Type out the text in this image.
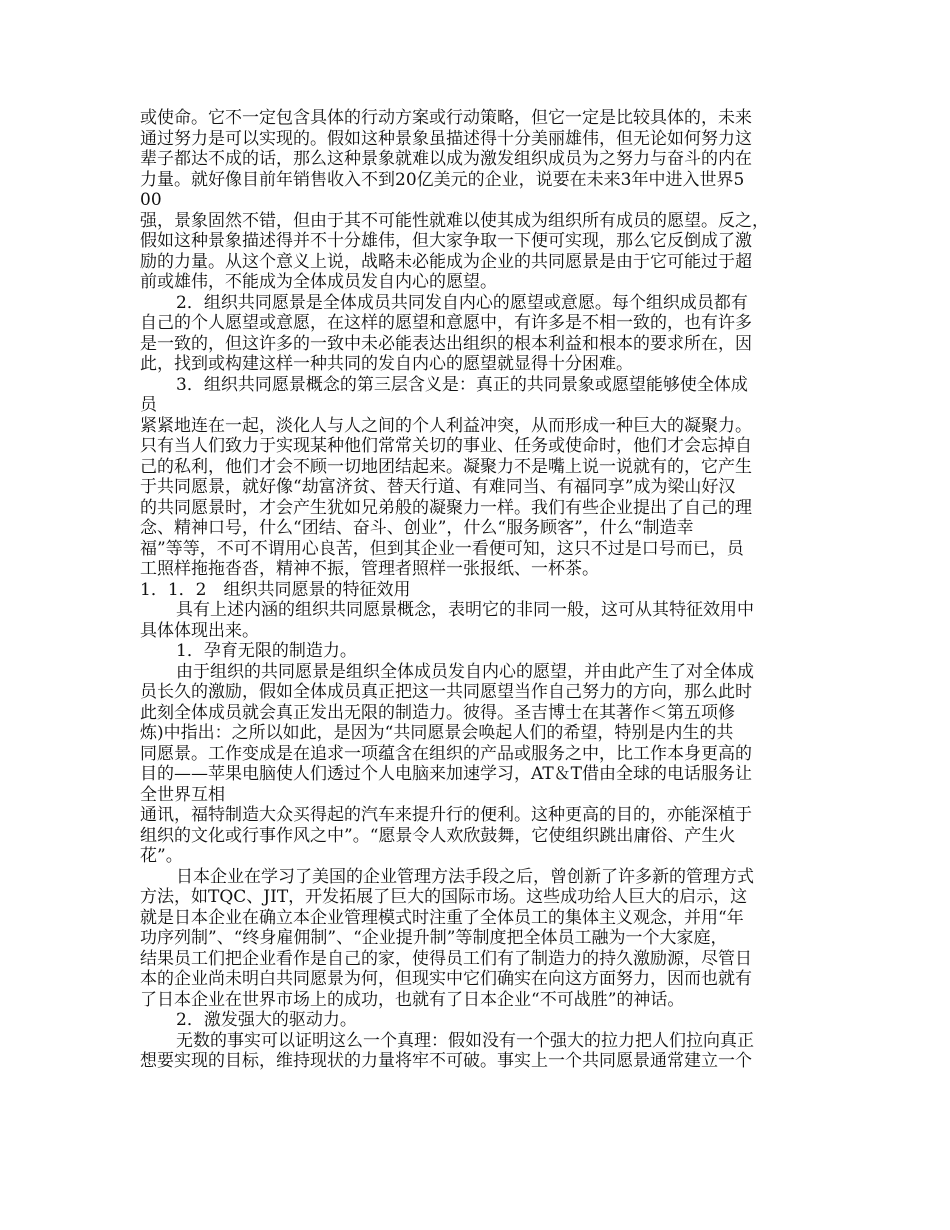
或使命。它不一定包含具体的行动方案或行动策略，但它一定是比较具体的，未来
通过努力是可以实现的。假如这种景象虽描述得十分美丽雄伟，但无论如何努力这
辈子都达不成的话，那么这种景象就难以成为激发组织成员为之努力与奋斗的内在
力量。就好像目前年销售收入不到20亿美元的企业，说要在未来3年中进入世界5
00
强，景象固然不错，但由于其不可能性就难以使其成为组织所有成员的愿望。反之，
假如这种景象描述得并不十分雄伟，但大家争取一下便可实现，那么它反倒成了激
励的力量。从这个意义上说，战略未必能成为企业的共同愿景是由于它可能过于超
前或雄伟，不能成为全体成员发自内心的愿望。
2．组织共同愿景是全体成员共同发自内心的愿望或意愿。每个组织成员都有
自己的个人愿望或意愿，在这样的愿望和意愿中，有许多是不相一致的，也有许多
是一致的，但这许多的一致中未必能表达出组织的根本利益和根本的要求所在，因
此，找到或构建这样一种共同的发自内心的愿望就显得十分困难。
3．组织共同愿景概念的第三层含义是：真正的共同景象或愿望能够使全体成
员
紧紧地连在一起，淡化人与人之间的个人利益冲突，从而形成一种巨大的凝聚力。
只有当人们致力于实现某种他们常常关切的事业、任务或使命时，他们才会忘掉自
己的私利，他们才会不顾一切地团结起来。凝聚力不是嘴上说一说就有的，它产生
于共同愿景，就好像“劫富济贫、替天行道、有难同当、有福同享”成为梁山好汉
的共同愿景时，才会产生犹如兄弟般的凝聚力一样。我们有些企业提出了自己的理
念、精神口号，什么“团结、奋斗、创业”，什么“服务顾客”，什么“制造幸
福”等等，不可不谓用心良苦，但到其企业一看便可知，这只不过是口号而已，员
工照样拖拖沓沓，精神不振，管理者照样一张报纸、一杯茶。
1．1．2　组织共同愿景的特征效用
具有上述内涵的组织共同愿景概念，表明它的非同一般，这可从其特征效用中
具体体现出来。
1．孕育无限的制造力。
由于组织的共同愿景是组织全体成员发自内心的愿望，并由此产生了对全体成
员长久的激励，假如全体成员真正把这一共同愿望当作自己努力的方向，那么此时
此刻全体成员就会真正发出无限的制造力。彼得。圣吉博士在其著作＜第五项修
炼)中指出：之所以如此，是因为“共同愿景会唤起人们的希望，特别是内生的共
同愿景。工作变成是在追求一项蕴含在组织的产品或服务之中，比工作本身更高的
目的——苹果电脑使人们透过个人电脑来加速学习，AT＆T借由全球的电话服务让
全世界互相
通讯，福特制造大众买得起的汽车来提升行的便利。这种更高的目的，亦能深植于
组织的文化或行事作风之中”。“愿景令人欢欣鼓舞，它使组织跳出庸俗、产生火
花”。
日本企业在学习了美国的企业管理方法手段之后，曾创新了许多新的管理方式
方法，如TQC、JIT，开发拓展了巨大的国际市场。这些成功给人巨大的启示，这
就是日本企业在确立本企业管理模式时注重了全体员工的集体主义观念，并用“年
功序列制”、“终身雇佣制”、“企业提升制”等制度把全体员工融为一个大家庭，
结果员工们把企业看作是自己的家，使得员工们有了制造力的持久激励源，尽管日
本的企业尚未明白共同愿景为何，但现实中它们确实在向这方面努力，因而也就有
了日本企业在世界市场上的成功，也就有了日本企业“不可战胜”的神话。
2．激发强大的驱动力。
无数的事实可以证明这么一个真理：假如没有一个强大的拉力把人们拉向真正
想要实现的目标，维持现状的力量将牢不可破。事实上一个共同愿景通常建立一个
